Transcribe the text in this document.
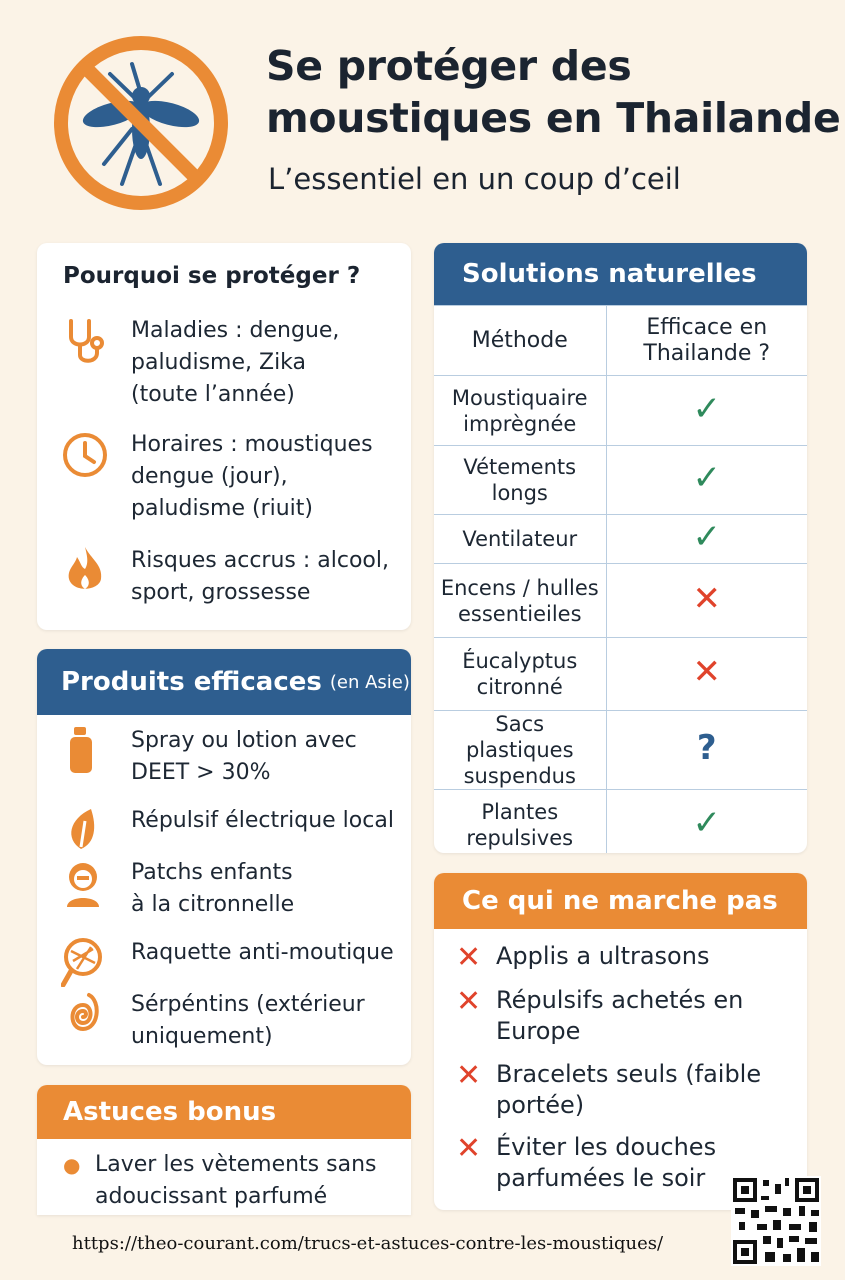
Se protéger des
moustiques en Thailande
L’essentiel en un coup d’ceil
Pourquoi se protéger ?
Maladies : dengue,
paludisme, Zika
(toute l’année)
Horaires : moustiques
dengue (jour),
paludisme (riuit)
Risques accrus : alcool,
sport, grossesse
Produits efficaces (en Asie)
Spray ou lotion avec
DEET > 30%
Répulsif électrique local
Patchs enfants
à la citronnelle
Raquette anti-moutique
Sérpéntins (extérieur
uniquement)
Astuces bonus
● Laver les vètements sans
adoucissant parfumé
Solutions naturelles
Méthode	Efficace en
Thailande ?

Moustiquaire
imprègnée	✓

Vétements
longs	✓

Ventilateur	✓

Encens / hulles
essentieiles	✕

Éucalyptus
citronné	✕

Sacs plastiques
suspendus	?

Plantes
repulsives	✓
Ce qui ne marche pas
✕ Applis a ultrasons
✕ Répulsifs achetés en
Europe
✕ Bracelets seuls (faible
portée)
✕ Éviter les douches
parfumées le soir
https://theo-courant.com/trucs-et-astuces-contre-les-moustiques/
